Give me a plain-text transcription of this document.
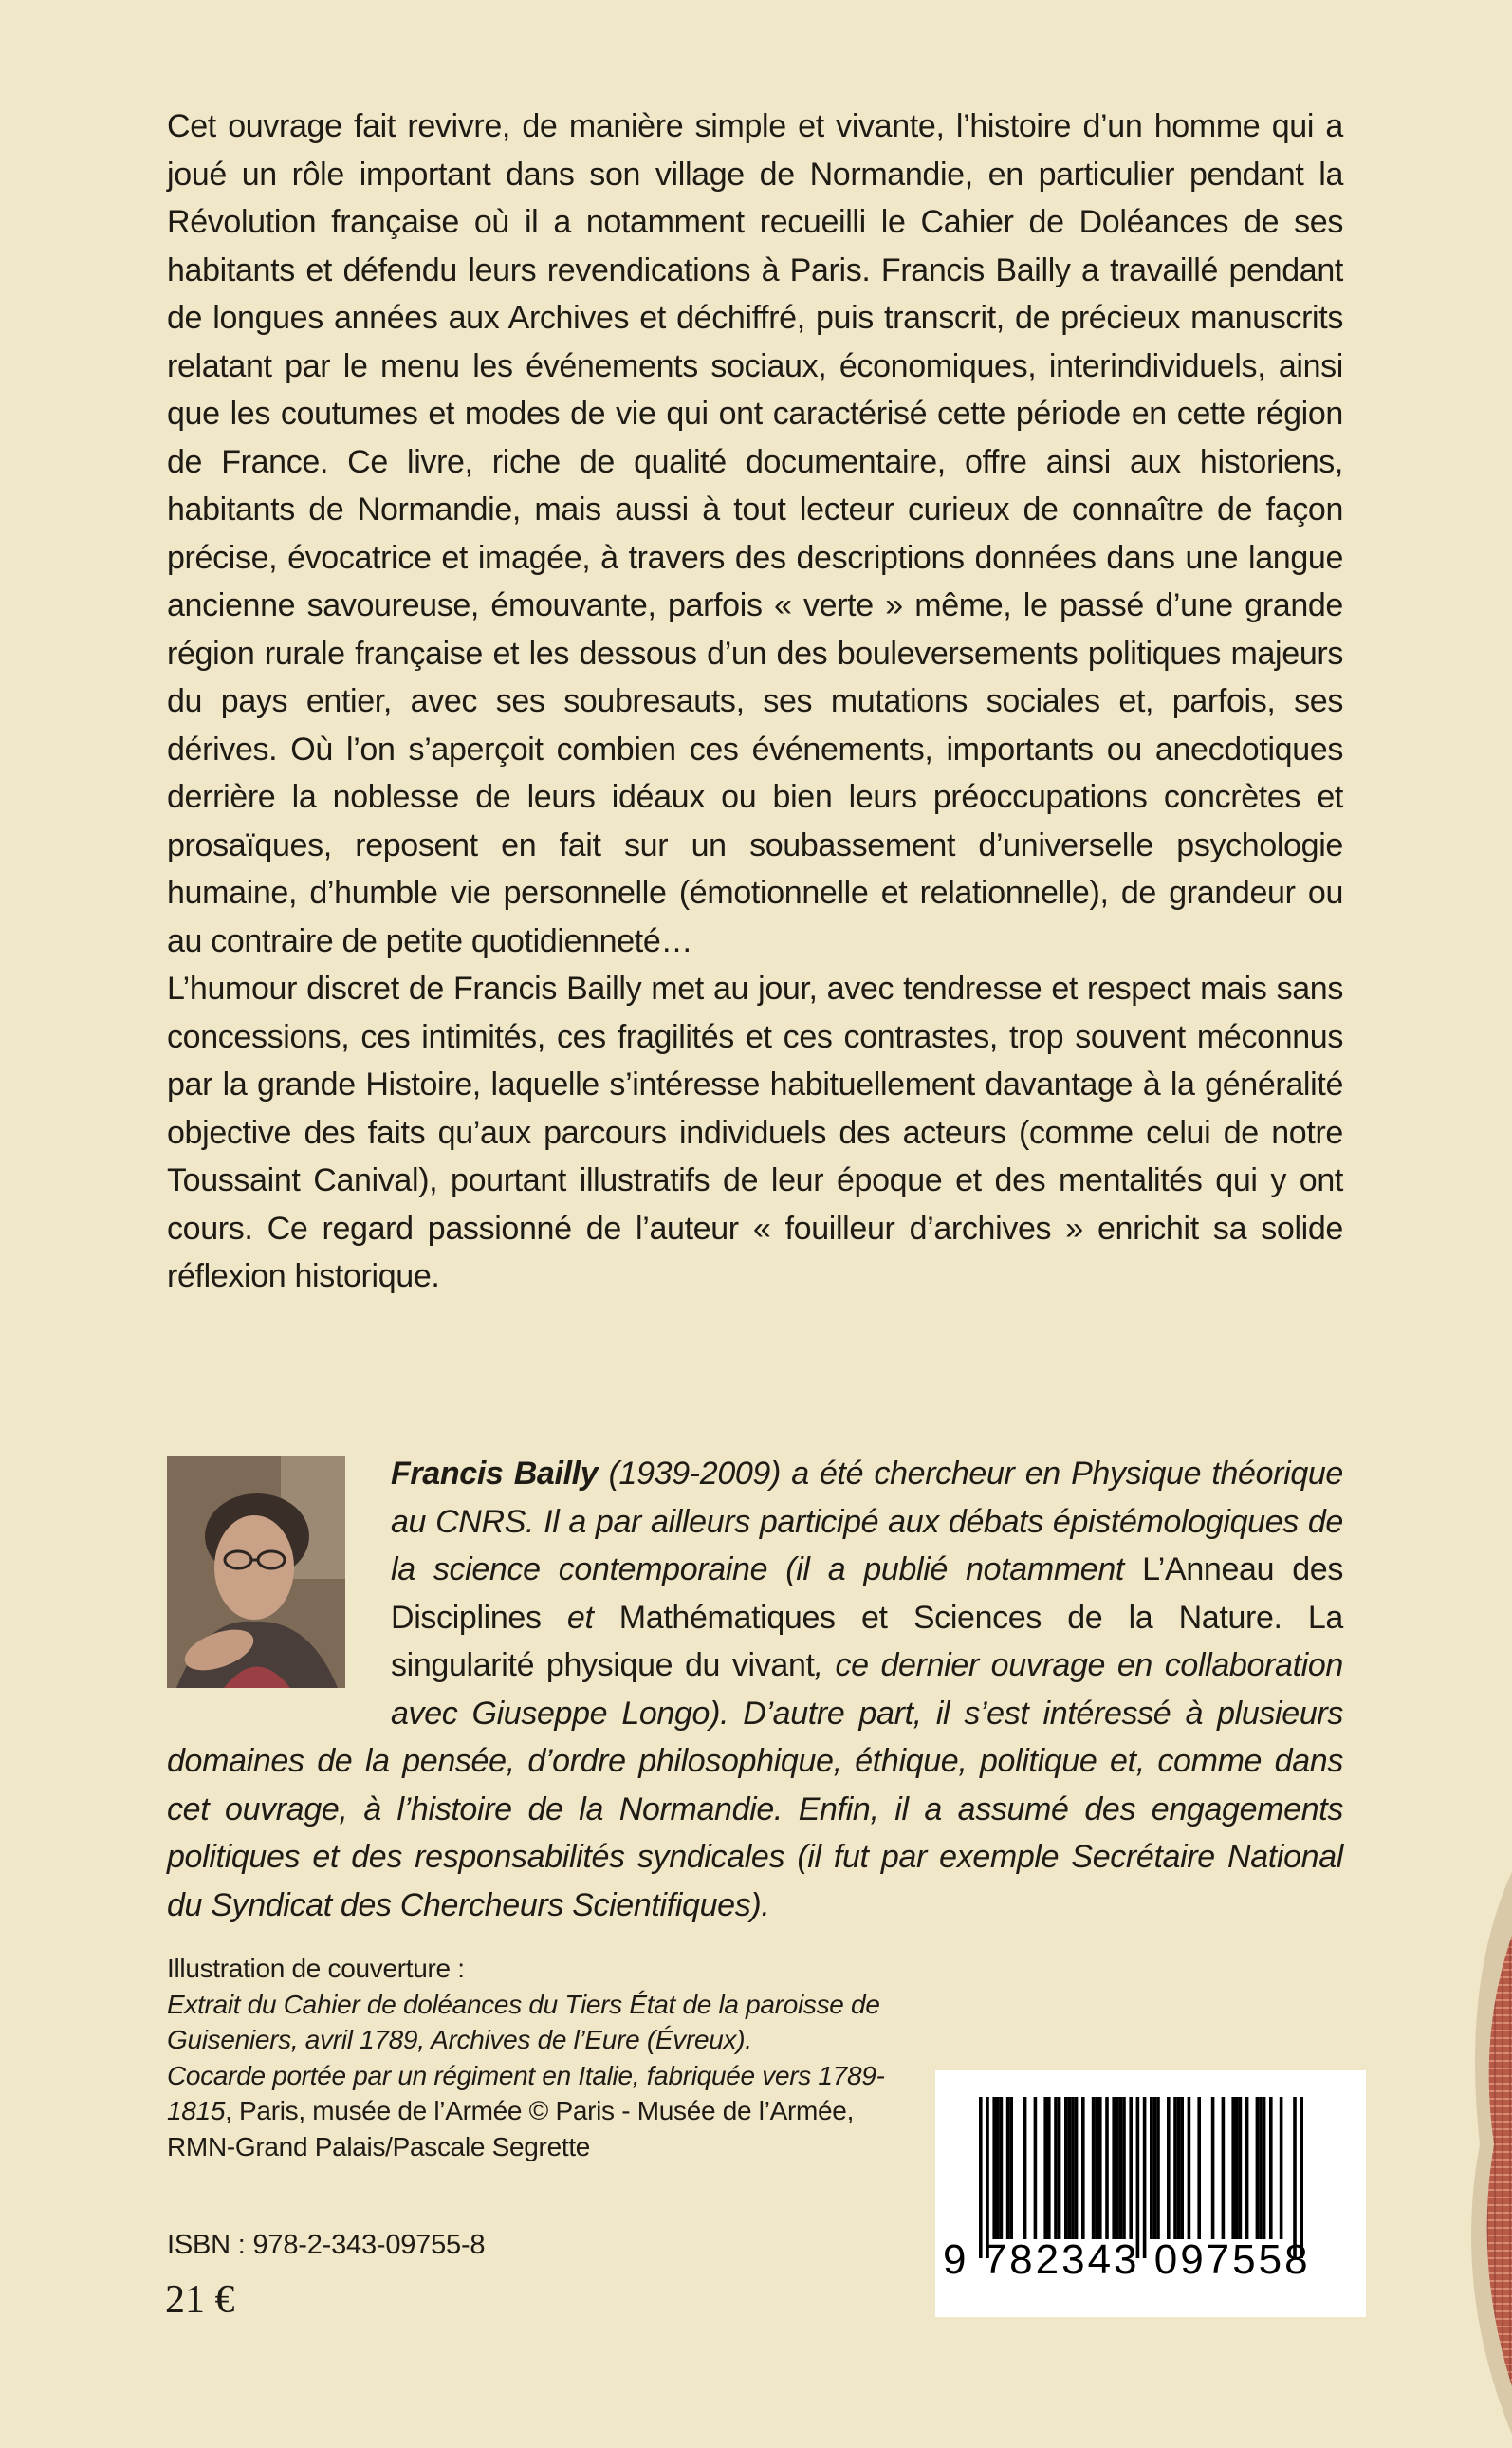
Cet ouvrage fait revivre, de manière simple et vivante, l’histoire d’un homme qui a joué un rôle important dans son village de Normandie, en particulier pendant la Révolution française où il a notamment recueilli le Cahier de Doléances de ses habitants et défendu leurs revendications à Paris. Francis Bailly a travaillé pendant de longues années aux Archives et déchiffré, puis transcrit, de précieux manuscrits relatant par le menu les événements sociaux, économiques, interindividuels, ainsi que les coutumes et modes de vie qui ont caractérisé cette période en cette région de France. Ce livre, riche de qualité documentaire, offre ainsi aux historiens, habitants de Normandie, mais aussi à tout lecteur curieux de connaître de façon précise, évocatrice et imagée, à travers des descriptions données dans une langue ancienne savoureuse, émouvante, parfois « verte » même, le passé d’une grande région rurale française et les dessous d’un des bouleversements politiques majeurs du pays entier, avec ses soubresauts, ses mutations sociales et, parfois, ses dérives. Où l’on s’aperçoit combien ces événements, importants ou anecdotiques derrière la noblesse de leurs idéaux ou bien leurs préoccupations concrètes et prosaïques, reposent en fait sur un soubassement d’universelle psychologie humaine, d’humble vie personnelle (émotionnelle et relationnelle), de grandeur ou au contraire de petite quotidienneté…

L’humour discret de Francis Bailly met au jour, avec tendresse et respect mais sans concessions, ces intimités, ces fragilités et ces contrastes, trop souvent méconnus par la grande Histoire, laquelle s’intéresse habituellement davantage à la généralité objective des faits qu’aux parcours individuels des acteurs (comme celui de notre Toussaint Canival), pourtant illustratifs de leur époque et des mentalités qui y ont cours. Ce regard passionné de l’auteur « fouilleur d’archives » enrichit sa solide réflexion historique.

Francis Bailly (1939-2009) a été chercheur en Physique théorique au CNRS. Il a par ailleurs participé aux débats épistémologiques de la science contemporaine (il a publié notamment L’Anneau des Disciplines et Mathématiques et Sciences de la Nature. La singularité physique du vivant, ce dernier ouvrage en collaboration avec Giuseppe Longo). D’autre part, il s’est intéressé à plusieurs domaines de la pensée, d’ordre philosophique, éthique, politique et, comme dans cet ouvrage, à l’histoire de la Normandie. Enfin, il a assumé des engagements politiques et des responsabilités syndicales (il fut par exemple Secrétaire National du Syndicat des Chercheurs Scientifiques).

Illustration de couverture :
Extrait du Cahier de doléances du Tiers État de la paroisse de Guiseniers, avril 1789, Archives de l’Eure (Évreux).
Cocarde portée par un régiment en Italie, fabriquée vers 1789-1815, Paris, musée de l’Armée © Paris - Musée de l’Armée, RMN-Grand Palais/Pascale Segrette
ISBN : 978-2-343-09755-8
21 €
9 782343 097558
